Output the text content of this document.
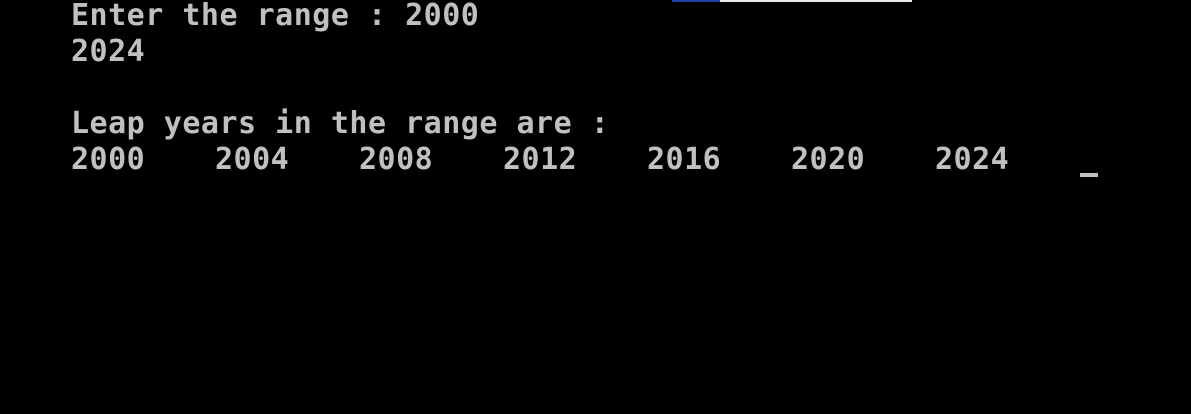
Enter the range : 2000
2024
Leap years in the range are :
2000 2004 2008 2012 2016 2020 2024
